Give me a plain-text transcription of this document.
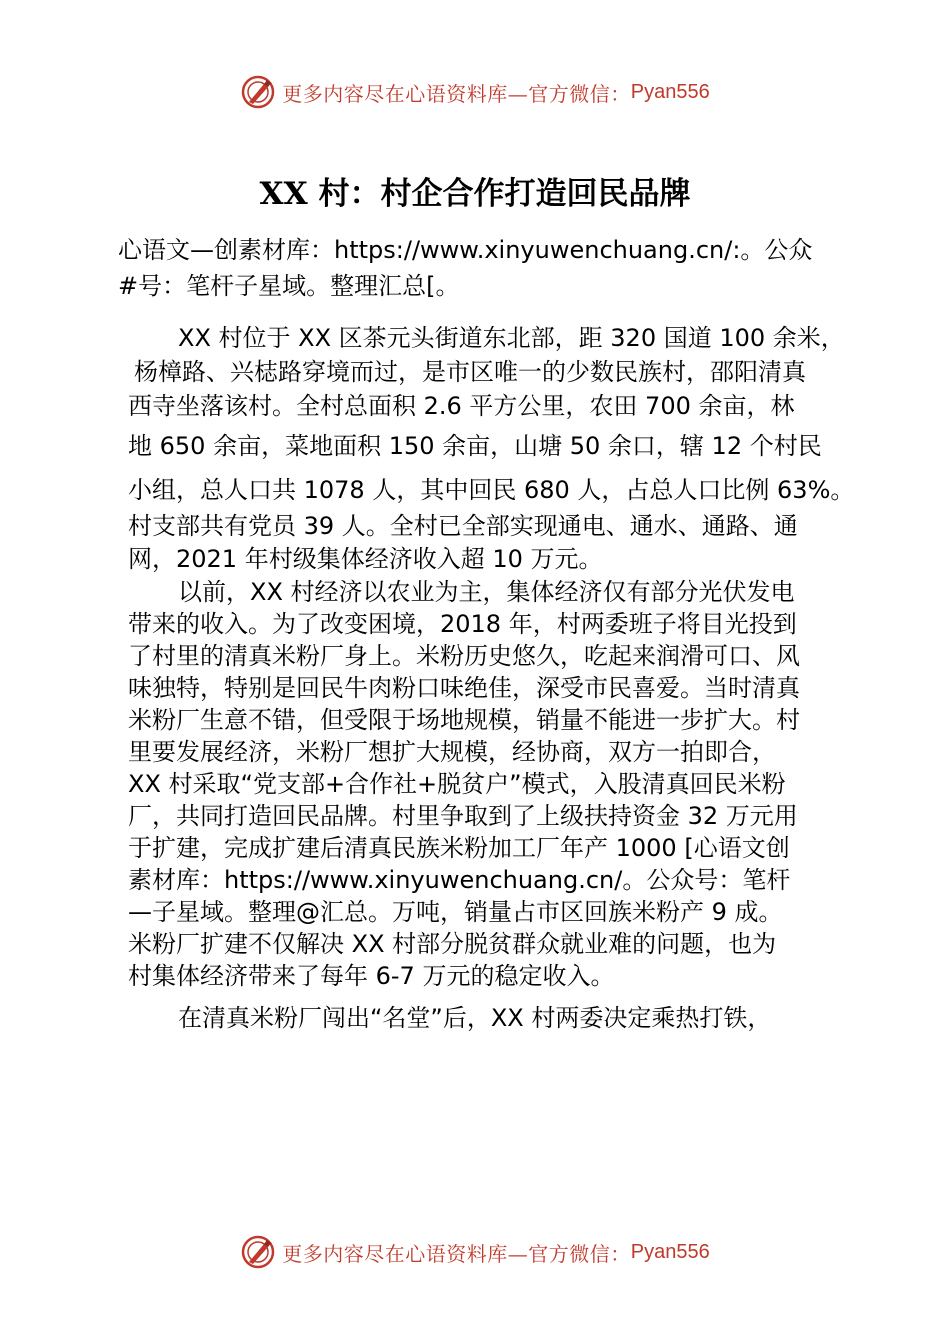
更多内容尽在心语资料库—官方微信： Pyan556
XX 村：村企合作打造回民品牌
心语文—创素材库：https://www.xinyuwenchuang.cn/:。公众
#号：笔杆子星域。整理汇总[。
XX 村位于 XX 区茶元头街道东北部，距 320 国道 100 余米，
杨樟路、兴梽路穿境而过，是市区唯一的少数民族村，邵阳清真
西寺坐落该村。全村总面积 2.6 平方公里，农田 700 余亩，林
地 650 余亩，菜地面积 150 余亩，山塘 50 余口，辖 12 个村民
小组，总人口共 1078 人，其中回民 680 人，占总人口比例 63%。
村支部共有党员 39 人。全村已全部实现通电、通水、通路、通
网，2021 年村级集体经济收入超 10 万元。
以前，XX 村经济以农业为主，集体经济仅有部分光伏发电
带来的收入。为了改变困境，2018 年，村两委班子将目光投到
了村里的清真米粉厂身上。米粉历史悠久，吃起来润滑可口、风
味独特，特别是回民牛肉粉口味绝佳，深受市民喜爱。当时清真
米粉厂生意不错，但受限于场地规模，销量不能进一步扩大。村
里要发展经济，米粉厂想扩大规模，经协商，双方一拍即合，
XX 村采取“党支部+合作社+脱贫户”模式，入股清真回民米粉
厂，共同打造回民品牌。村里争取到了上级扶持资金 32 万元用
于扩建，完成扩建后清真民族米粉加工厂年产 1000 [心语文创
素材库：https://www.xinyuwenchuang.cn/。公众号：笔杆
—子星域。整理@汇总。万吨，销量占市区回族米粉产 9 成。
米粉厂扩建不仅解决 XX 村部分脱贫群众就业难的问题，也为
村集体经济带来了每年 6-7 万元的稳定收入。
在清真米粉厂闯出“名堂”后，XX 村两委决定乘热打铁，
更多内容尽在心语资料库—官方微信： Pyan556
